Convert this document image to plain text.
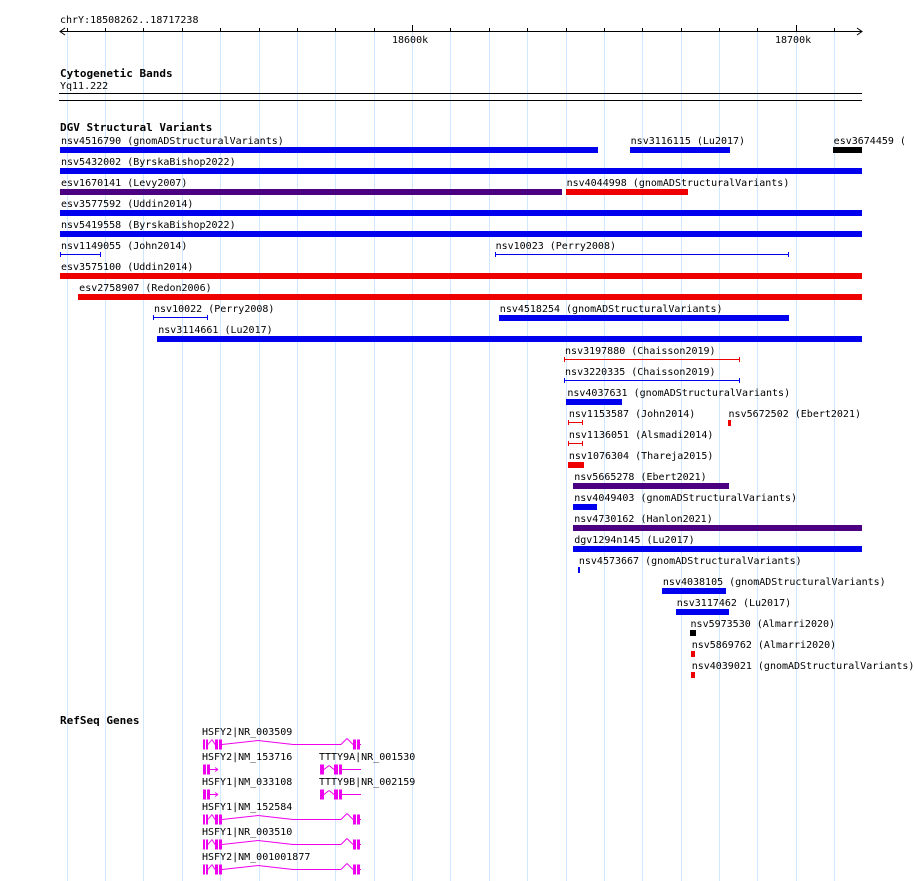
chrY:18508262..18717238
18600k	18700k
Cytogenetic Bands
Yq11.222
DGV Structural Variants
RefSeq Genes
nsv4516790 (gnomADStructuralVariants)	nsv3116115 (Lu2017)	esv3674459 (
nsv5432002 (ByrskaBishop2022)
esv1670141 (Levy2007)	nsv4044998 (gnomADStructuralVariants)
esv3577592 (Uddin2014)
nsv5419558 (ByrskaBishop2022)
nsv1149055 (John2014)	nsv10023 (Perry2008)
esv3575100 (Uddin2014)
esv2758907 (Redon2006)
nsv10022 (Perry2008)	nsv4518254 (gnomADStructuralVariants)
nsv3114661 (Lu2017)
nsv3197880 (Chaisson2019)
nsv3220335 (Chaisson2019)
nsv4037631 (gnomADStructuralVariants)
nsv1153587 (John2014)	nsv5672502 (Ebert2021)
nsv1136051 (Alsmadi2014)
nsv1076304 (Thareja2015)
nsv5665278 (Ebert2021)
nsv4049403 (gnomADStructuralVariants)
nsv4730162 (Hanlon2021)
dgv1294n145 (Lu2017)
nsv4573667 (gnomADStructuralVariants)
nsv4038105 (gnomADStructuralVariants)
nsv3117462 (Lu2017)
nsv5973530 (Almarri2020)
nsv5869762 (Almarri2020)
nsv4039021 (gnomADStructuralVariants)
HSFY2|NR_003509
HSFY2|NM_153716	TTTY9A|NR_001530
HSFY1|NM_033108	TTTY9B|NR_002159
HSFY1|NM_152584
HSFY1|NR_003510
HSFY2|NM_001001877
